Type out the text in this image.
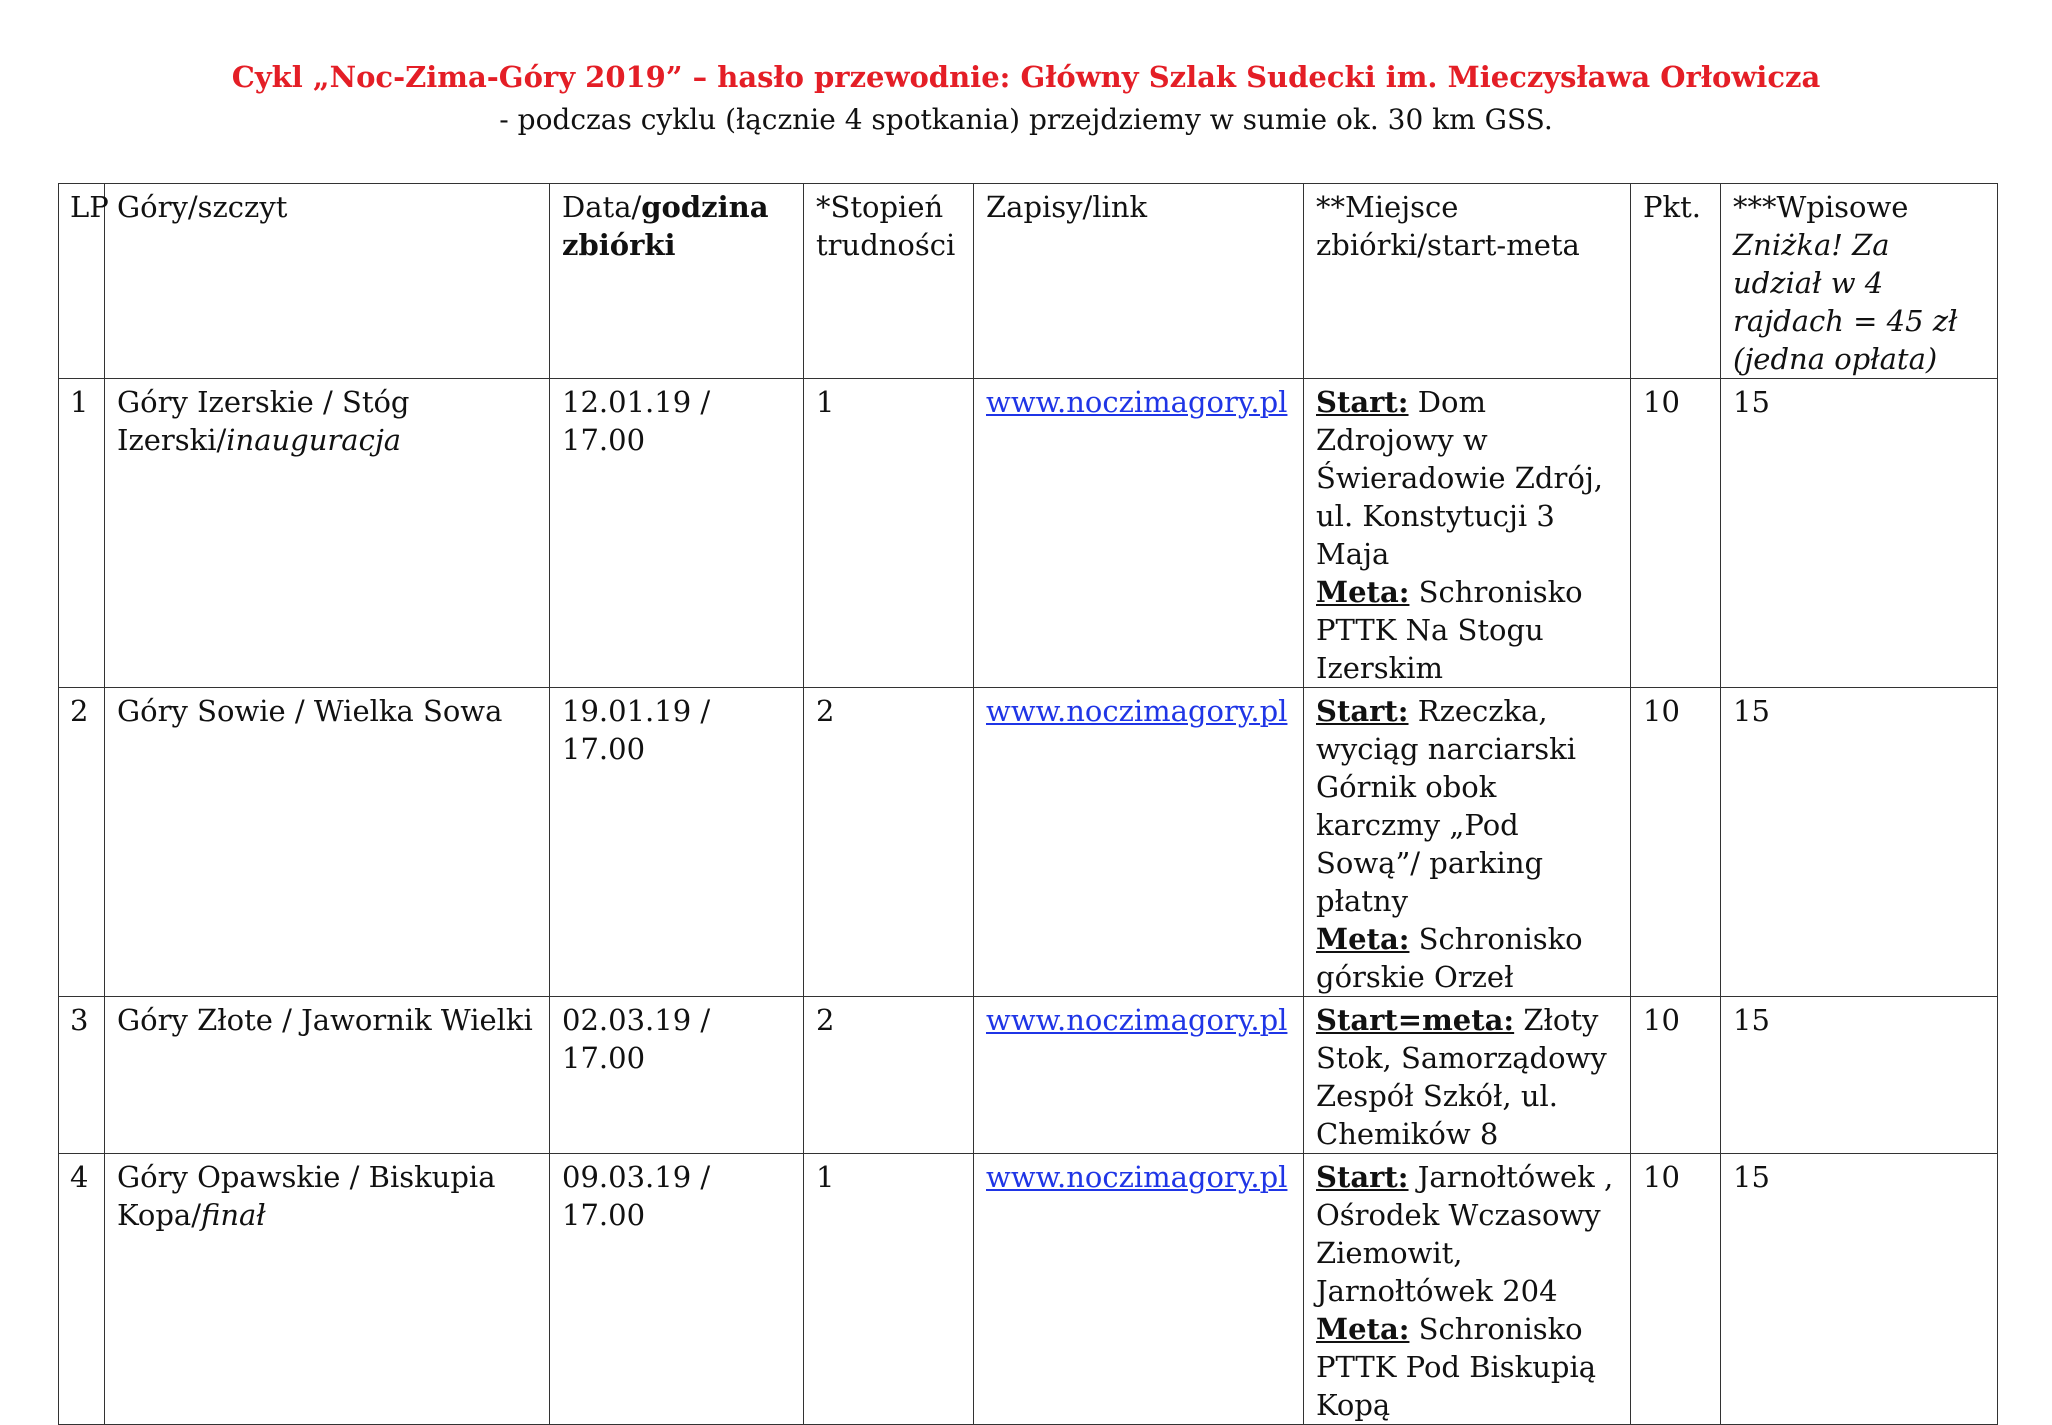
Cykl „Noc-Zima-Góry 2019” – hasło przewodnie: Główny Szlak Sudecki im. Mieczysława Orłowicza
- podczas cyklu (łącznie 4 spotkania) przejdziemy w sumie ok. 30 km GSS.
LP	Góry/szczyt	Data/godzina zbiórki	*Stopień trudności	Zapisy/link	**Miejsce zbiórki/start-meta	Pkt.	***Wpisowe
Zniżka! Za udział w 4 rajdach = 45 zł (jedna opłata)
1	Góry Izerskie / Stóg Izerski/inauguracja	12.01.19 / 17.00	1	www.noczimagory.pl	Start: Dom Zdrojowy w Świeradowie Zdrój, ul. Konstytucji 3 Maja
Meta: Schronisko PTTK Na Stogu Izerskim	10	15
2	Góry Sowie / Wielka Sowa	19.01.19 / 17.00	2	www.noczimagory.pl	Start: Rzeczka, wyciąg narciarski Górnik obok karczmy „Pod Sową”/ parking płatny
Meta: Schronisko górskie Orzeł	10	15
3	Góry Złote / Jawornik Wielki	02.03.19 / 17.00	2	www.noczimagory.pl	Start=meta: Złoty Stok, Samorządowy Zespół Szkół, ul. Chemików 8	10	15
4	Góry Opawskie / Biskupia Kopa/finał	09.03.19 / 17.00	1	www.noczimagory.pl	Start: Jarnołtówek , Ośrodek Wczasowy Ziemowit, Jarnołtówek 204
Meta: Schronisko PTTK Pod Biskupią Kopą	10	15
